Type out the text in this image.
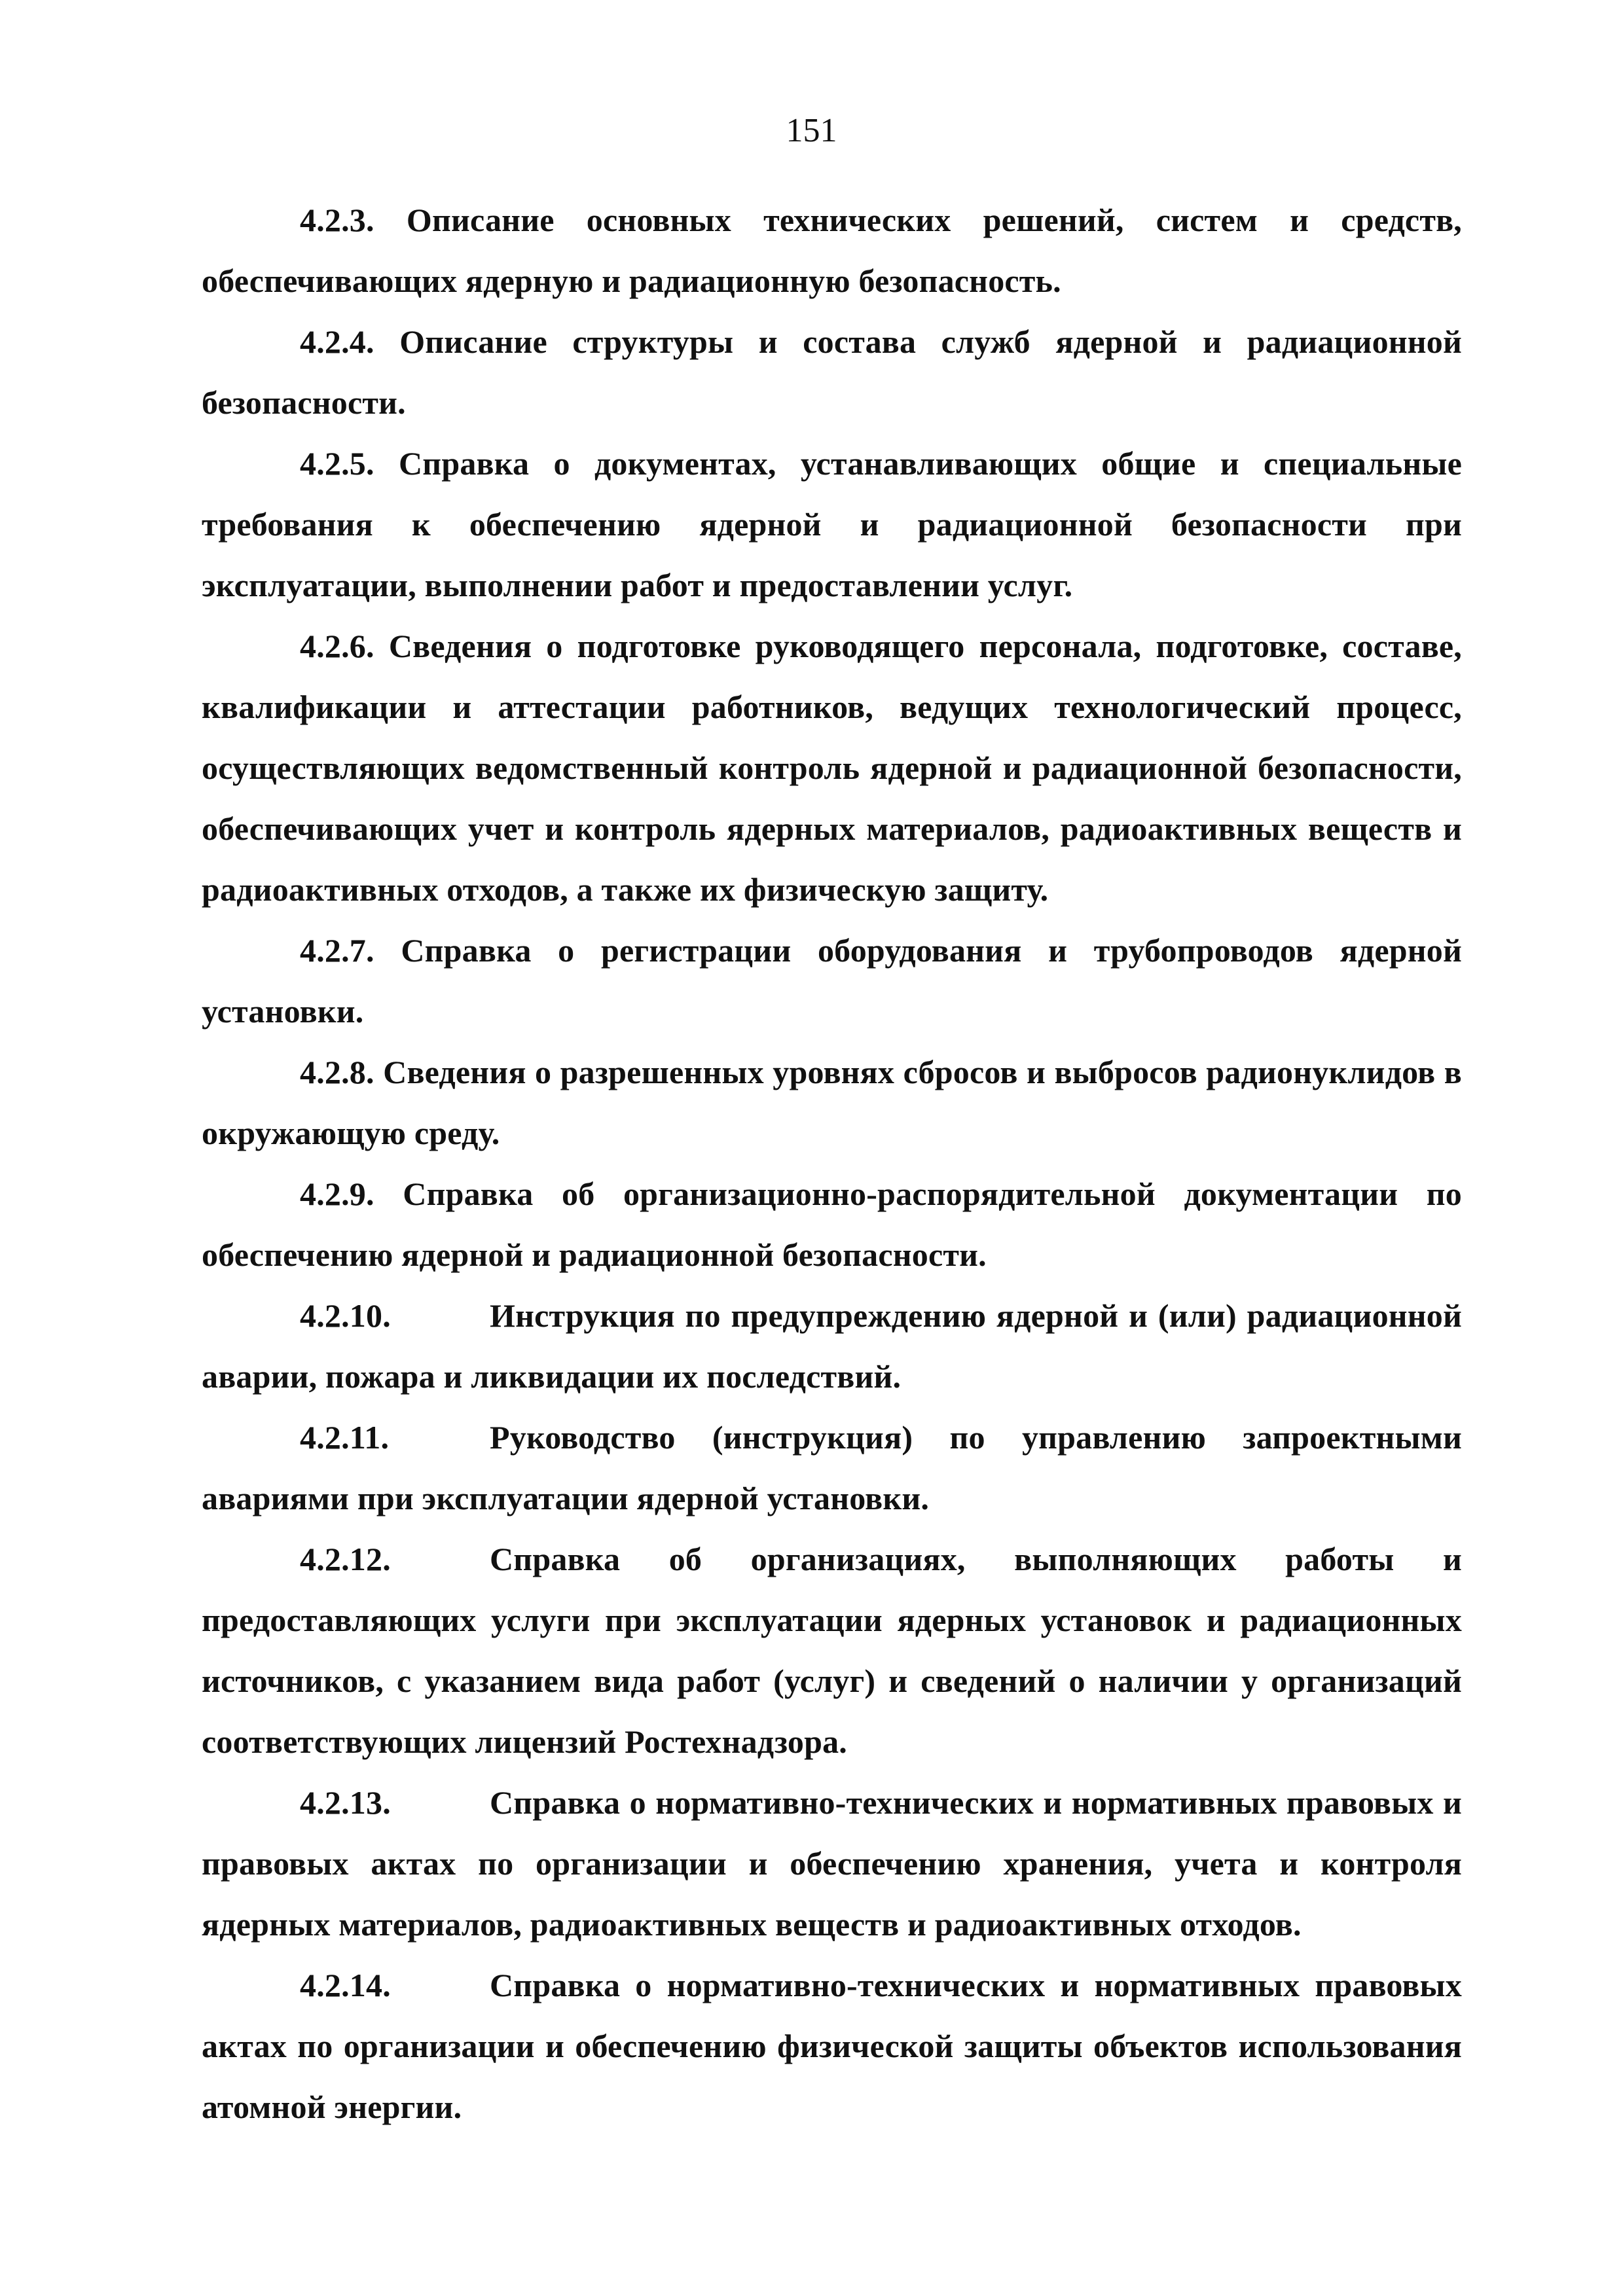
151

4.2.3. Описание основных технических решений, систем и средств, обеспечивающих ядерную и радиационную безопасность.

4.2.4. Описание структуры и состава служб ядерной и радиационной безопасности.

4.2.5. Справка о документах, устанавливающих общие и специальные требования к обеспечению ядерной и радиационной безопасности при эксплуатации, выполнении работ и предоставлении услуг.

4.2.6. Сведения о подготовке руководящего персонала, подготовке, составе, квалификации и аттестации работников, ведущих технологический процесс, осуществляющих ведомственный контроль ядерной и радиационной безопасности, обеспечивающих учет и контроль ядерных материалов, радиоактивных веществ и радиоактивных отходов, а также их физическую защиту.

4.2.7. Справка о регистрации оборудования и трубопроводов ядерной установки.

4.2.8. Сведения о разрешенных уровнях сбросов и выбросов радионуклидов в окружающую среду.

4.2.9. Справка об организационно-распорядительной документации по обеспечению ядерной и радиационной безопасности.

4.2.10.	Инструкция по предупреждению ядерной и (или) радиационной аварии, пожара и ликвидации их последствий.

4.2.11.	Руководство (инструкция) по управлению запроектными авариями при эксплуатации ядерной установки.

4.2.12.	Справка об организациях, выполняющих работы и предоставляющих услуги при эксплуатации ядерных установок и радиационных источников, с указанием вида работ (услуг) и сведений о наличии у организаций соответствующих лицензий Ростехнадзора.

4.2.13.	Справка о нормативно-технических и нормативных правовых и правовых актах по организации и обеспечению хранения, учета и контроля ядерных материалов, радиоактивных веществ и радиоактивных отходов.

4.2.14.	Справка о нормативно-технических и нормативных правовых актах по организации и обеспечению физической защиты объектов использования атомной энергии.
